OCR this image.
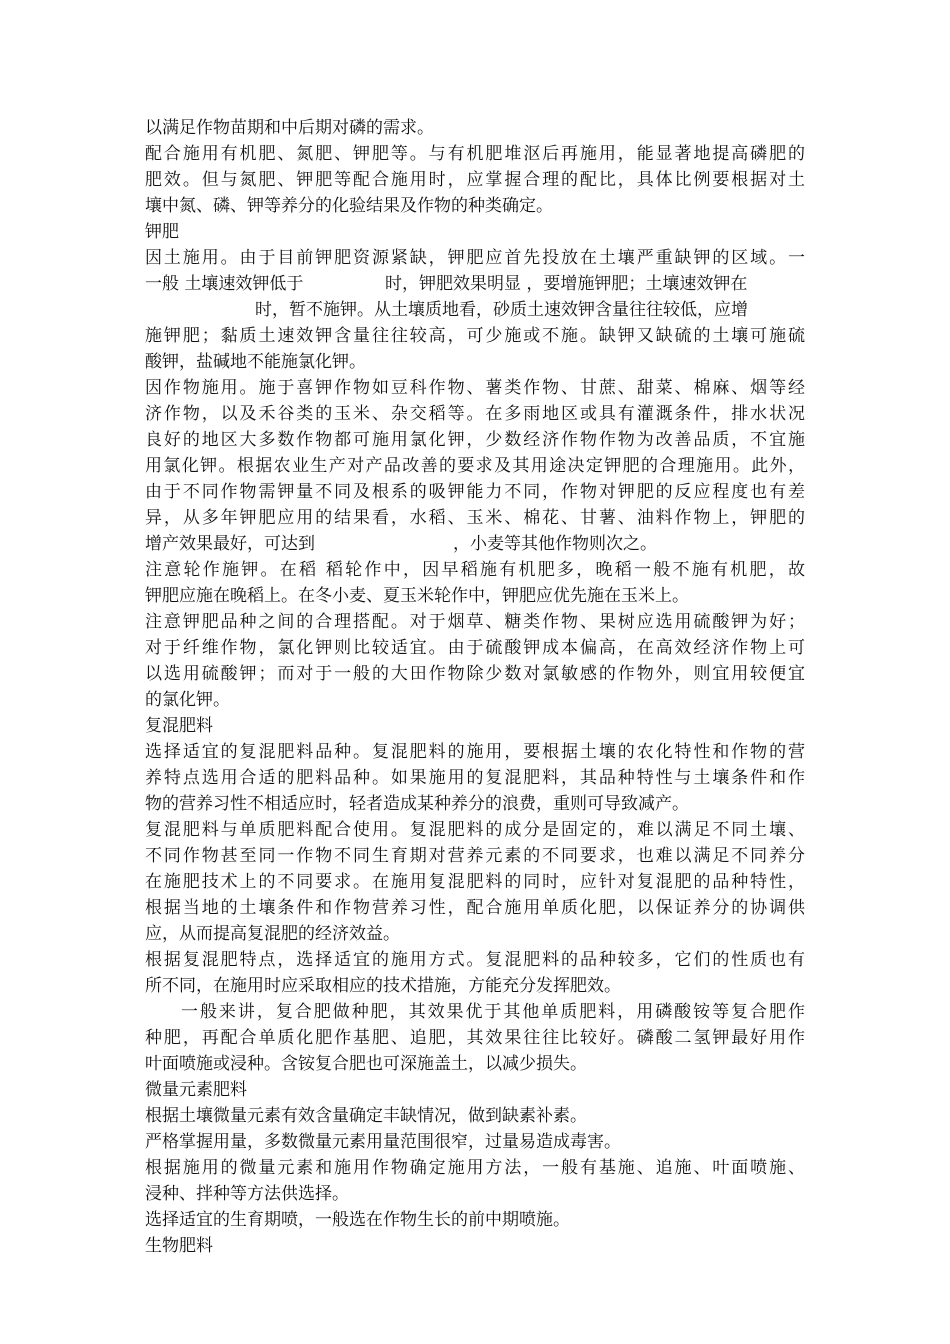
以满足作物苗期和中后期对磷的需求。
配合施用有机肥、氮肥、钾肥等。与有机肥堆沤后再施用，能显著地提高磷肥的
肥效。但与氮肥、钾肥等配合施用时，应掌握合理的配比，具体比例要根据对土
壤中氮、磷、钾等养分的化验结果及作物的种类确定。
钾肥
因土施用。由于目前钾肥资源紧缺，钾肥应首先投放在土壤严重缺钾的区域。一
一般 土壤速效钾低于	时，钾肥效果明显 ，要增施钾肥；土壤速效钾在
时，暂不施钾。从土壤质地看，砂质土速效钾含量往往较低，应增
施钾肥；黏质土速效钾含量往往较高，可少施或不施。缺钾又缺硫的土壤可施硫
酸钾，盐碱地不能施氯化钾。
因作物施用。施于喜钾作物如豆科作物、薯类作物、甘蔗、甜菜、棉麻、烟等经
济作物，以及禾谷类的玉米、杂交稻等。在多雨地区或具有灌溉条件，排水状况
良好的地区大多数作物都可施用氯化钾，少数经济作物作物为改善品质，不宜施
用氯化钾。根据农业生产对产品改善的要求及其用途决定钾肥的合理施用。此外，
由于不同作物需钾量不同及根系的吸钾能力不同，作物对钾肥的反应程度也有差
异，从多年钾肥应用的结果看，水稻、玉米、棉花、甘薯、油料作物上，钾肥的
增产效果最好，可达到	，小麦等其他作物则次之。
注意轮作施钾。在稻 稻轮作中，因早稻施有机肥多，晚稻一般不施有机肥，故
钾肥应施在晚稻上。在冬小麦、夏玉米轮作中，钾肥应优先施在玉米上。
注意钾肥品种之间的合理搭配。对于烟草、糖类作物、果树应选用硫酸钾为好；
对于纤维作物，氯化钾则比较适宜。由于硫酸钾成本偏高，在高效经济作物上可
以选用硫酸钾；而对于一般的大田作物除少数对氯敏感的作物外，则宜用较便宜
的氯化钾。
复混肥料
选择适宜的复混肥料品种。复混肥料的施用，要根据土壤的农化特性和作物的营
养特点选用合适的肥料品种。如果施用的复混肥料，其品种特性与土壤条件和作
物的营养习性不相适应时，轻者造成某种养分的浪费，重则可导致减产。
复混肥料与单质肥料配合使用。复混肥料的成分是固定的，难以满足不同土壤、
不同作物甚至同一作物不同生育期对营养元素的不同要求，也难以满足不同养分
在施肥技术上的不同要求。在施用复混肥料的同时，应针对复混肥的品种特性，
根据当地的土壤条件和作物营养习性，配合施用单质化肥，以保证养分的协调供
应，从而提高复混肥的经济效益。
根据复混肥特点，选择适宜的施用方式。复混肥料的品种较多，它们的性质也有
所不同，在施用时应采取相应的技术措施，方能充分发挥肥效。
一般来讲，复合肥做种肥，其效果优于其他单质肥料，用磷酸铵等复合肥作
种肥，再配合单质化肥作基肥、追肥，其效果往往比较好。磷酸二氢钾最好用作
叶面喷施或浸种。含铵复合肥也可深施盖土，以减少损失。
微量元素肥料
根据土壤微量元素有效含量确定丰缺情况，做到缺素补素。
严格掌握用量，多数微量元素用量范围很窄，过量易造成毒害。
根据施用的微量元素和施用作物确定施用方法，一般有基施、追施、叶面喷施、
浸种、拌种等方法供选择。
选择适宜的生育期喷，一般选在作物生长的前中期喷施。
生物肥料
